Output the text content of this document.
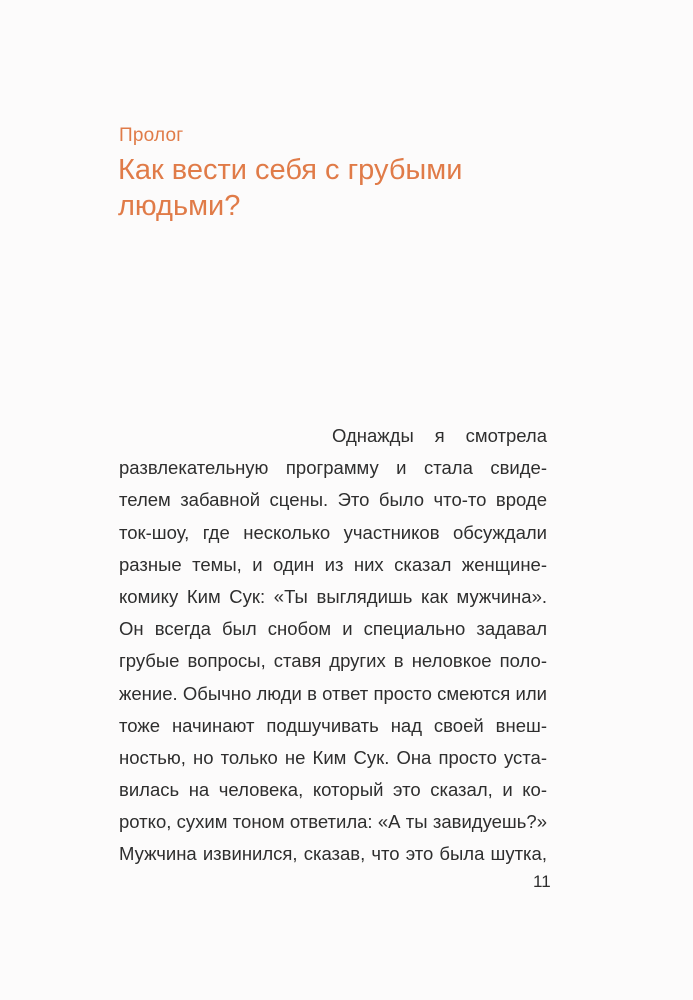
Пролог
Как вести себя с грубыми людьми?
Однажды я смотрела
развлекательную программу и стала свиде-
телем забавной сцены. Это было что-то вроде
ток-шоу, где несколько участников обсуждали
разные темы, и один из них сказал женщине-
комику Ким Сук: «Ты выглядишь как мужчина».
Он всегда был снобом и специально задавал
грубые вопросы, ставя других в неловкое поло-
жение. Обычно люди в ответ просто смеются или
тоже начинают подшучивать над своей внеш-
ностью, но только не Ким Сук. Она просто уста-
вилась на человека, который это сказал, и ко-
ротко, сухим тоном ответила: «А ты завидуешь?»
Мужчина извинился, сказав, что это была шутка,
11
